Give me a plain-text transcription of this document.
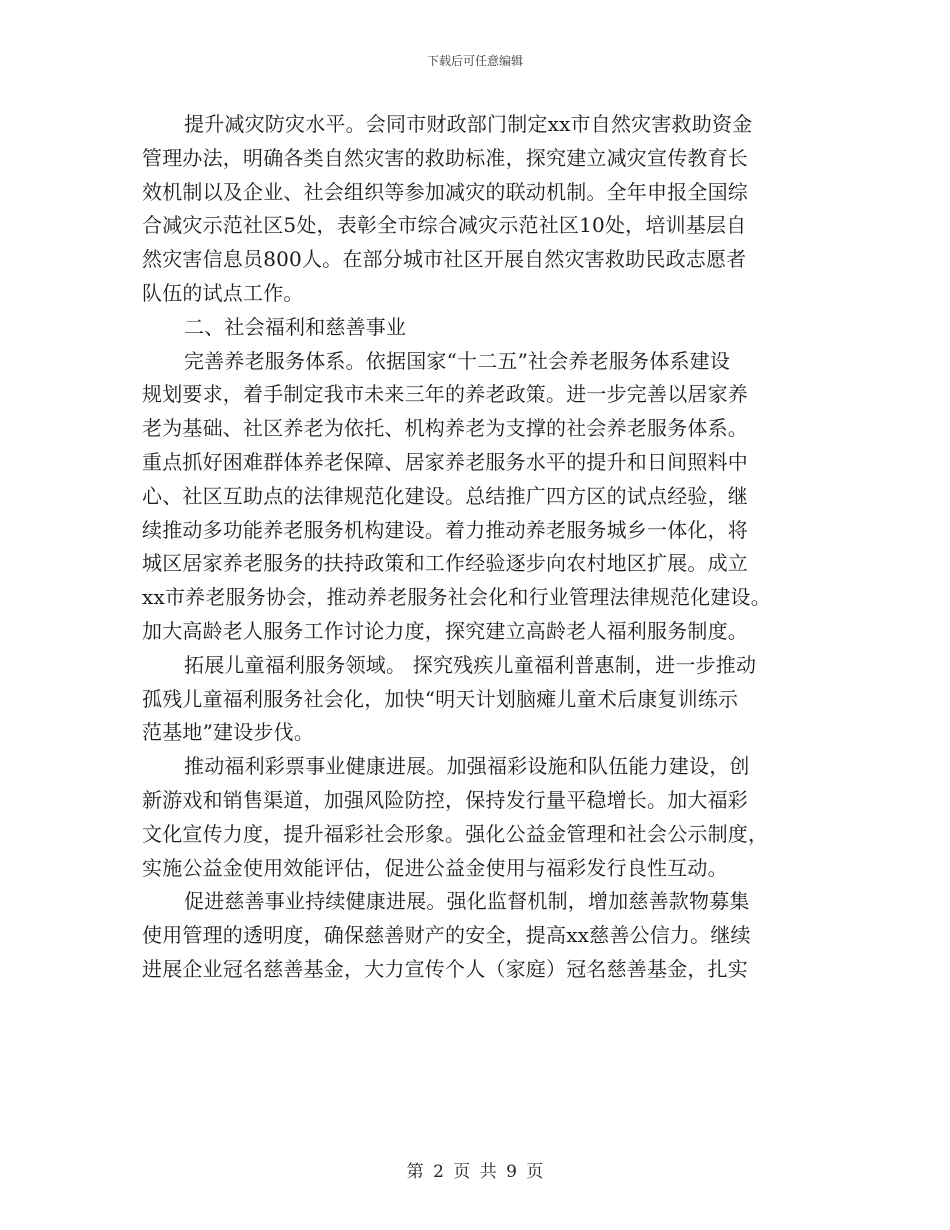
下载后可任意编辑
提升减灾防灾水平。会同市财政部门制定xx市自然灾害救助资金
管理办法，明确各类自然灾害的救助标准，探究建立减灾宣传教育长
效机制以及企业、社会组织等参加减灾的联动机制。全年申报全国综
合减灾示范社区5处，表彰全市综合减灾示范社区10处，培训基层自
然灾害信息员800人。在部分城市社区开展自然灾害救助民政志愿者
队伍的试点工作。
二、社会福利和慈善事业
完善养老服务体系。依据国家“十二五”社会养老服务体系建设
规划要求，着手制定我市未来三年的养老政策。进一步完善以居家养
老为基础、社区养老为依托、机构养老为支撑的社会养老服务体系。
重点抓好困难群体养老保障、居家养老服务水平的提升和日间照料中
心、社区互助点的法律规范化建设。总结推广四方区的试点经验，继
续推动多功能养老服务机构建设。着力推动养老服务城乡一体化，将
城区居家养老服务的扶持政策和工作经验逐步向农村地区扩展。成立
xx市养老服务协会，推动养老服务社会化和行业管理法律规范化建设。
加大高龄老人服务工作讨论力度，探究建立高龄老人福利服务制度。
拓展儿童福利服务领域。 探究残疾儿童福利普惠制，进一步推动
孤残儿童福利服务社会化，加快“明天计划脑瘫儿童术后康复训练示
范基地”建设步伐。
推动福利彩票事业健康进展。加强福彩设施和队伍能力建设，创
新游戏和销售渠道，加强风险防控，保持发行量平稳增长。加大福彩
文化宣传力度，提升福彩社会形象。强化公益金管理和社会公示制度，
实施公益金使用效能评估，促进公益金使用与福彩发行良性互动。
促进慈善事业持续健康进展。强化监督机制，增加慈善款物募集
使用管理的透明度，确保慈善财产的安全，提高xx慈善公信力。继续
进展企业冠名慈善基金，大力宣传个人（家庭）冠名慈善基金，扎实
第 2 页 共 9 页
